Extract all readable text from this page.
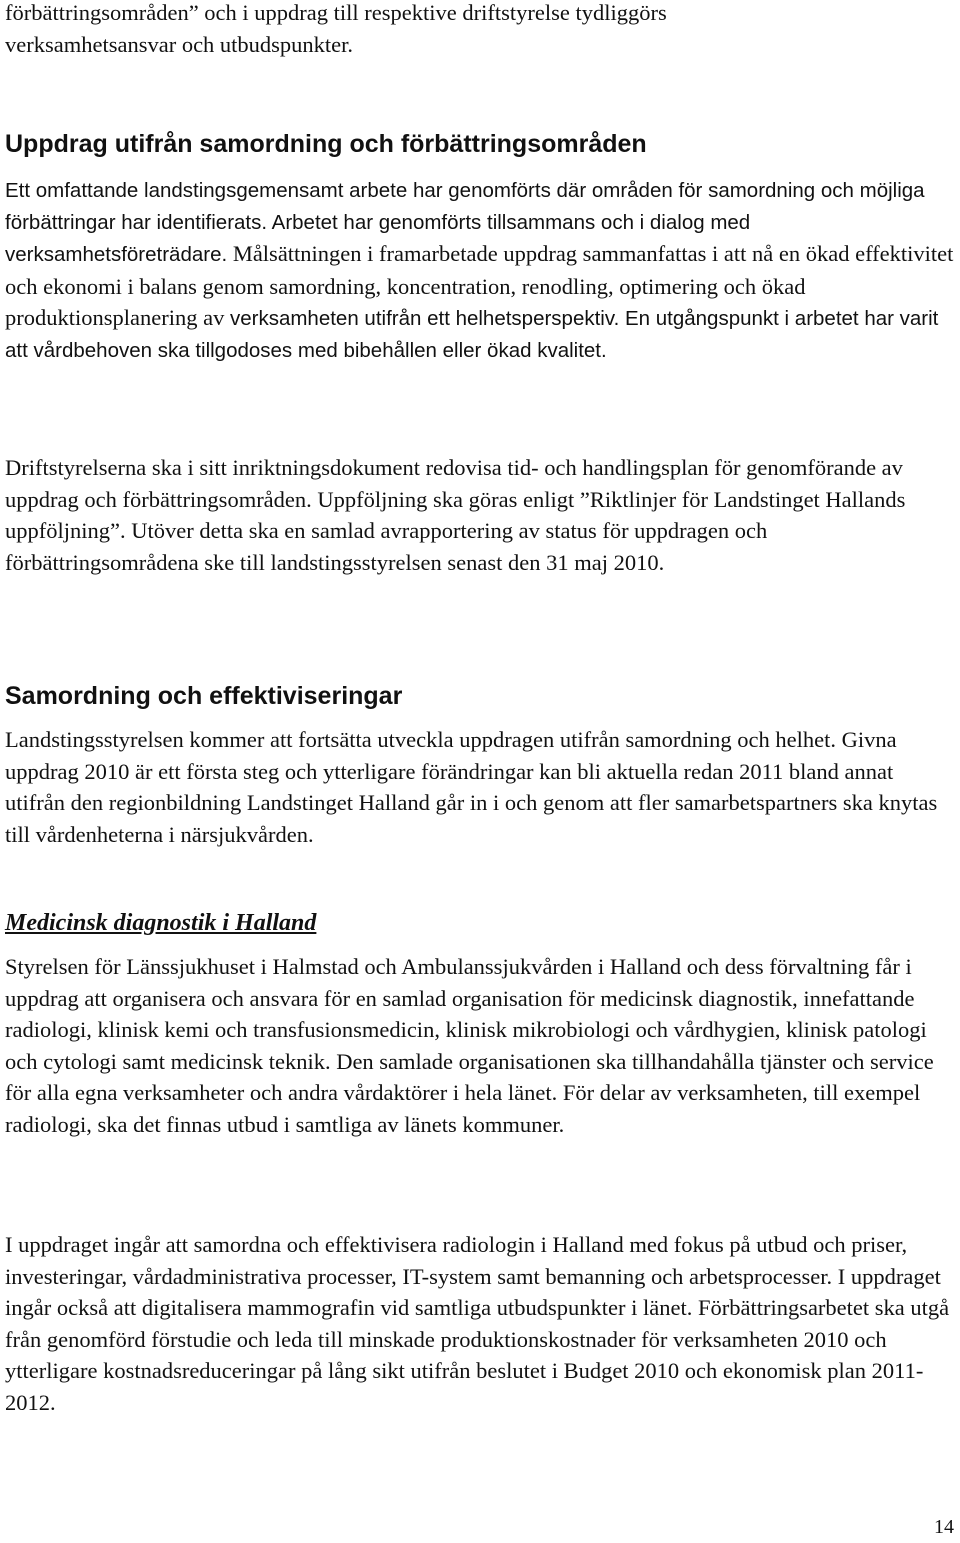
förbättringsområden” och i uppdrag till respektive driftstyrelse tydliggörs

verksamhetsansvar och utbudspunkter.

Uppdrag utifrån samordning och förbättringsområden

Ett omfattande landstingsgemensamt arbete har genomförts där områden för samordning och möjliga förbättringar har identifierats. Arbetet har genomförts tillsammans och i dialog med verksamhetsföreträdare. Målsättningen i framarbetade uppdrag sammanfattas i att nå en ökad effektivitet och ekonomi i balans genom samordning, koncentration, renodling, optimering och ökad produktionsplanering av verksamheten utifrån ett helhetsperspektiv. En utgångspunkt i arbetet har varit att vårdbehoven ska tillgodoses med bibehållen eller ökad kvalitet.

Driftstyrelserna ska i sitt inriktningsdokument redovisa tid- och handlingsplan för genomförande av uppdrag och förbättringsområden. Uppföljning ska göras enligt ”Riktlinjer för Landstinget Hallands uppföljning”. Utöver detta ska en samlad avrapportering av status för uppdragen och förbättringsområdena ske till landstingsstyrelsen senast den 31 maj 2010.

Samordning och effektiviseringar

Landstingsstyrelsen kommer att fortsätta utveckla uppdragen utifrån samordning och helhet. Givna uppdrag 2010 är ett första steg och ytterligare förändringar kan bli aktuella redan 2011 bland annat utifrån den regionbildning Landstinget Halland går in i och genom att fler samarbetspartners ska knytas till vårdenheterna i närsjukvården.

Medicinsk diagnostik i Halland

Styrelsen för Länssjukhuset i Halmstad och Ambulanssjukvården i Halland och dess förvaltning får i uppdrag att organisera och ansvara för en samlad organisation för medicinsk diagnostik, innefattande radiologi, klinisk kemi och transfusionsmedicin, klinisk mikrobiologi och vårdhygien, klinisk patologi och cytologi samt medicinsk teknik. Den samlade organisationen ska tillhandahålla tjänster och service för alla egna verksamheter och andra vårdaktörer i hela länet. För delar av verksamheten, till exempel radiologi, ska det finnas utbud i samtliga av länets kommuner.

I uppdraget ingår att samordna och effektivisera radiologin i Halland med fokus på utbud och priser, investeringar, vårdadministrativa processer, IT-system samt bemanning och arbetsprocesser. I uppdraget ingår också att digitalisera mammografin vid samtliga utbudspunkter i länet. Förbättringsarbetet ska utgå från genomförd förstudie och leda till minskade produktionskostnader för verksamheten 2010 och ytterligare kostnadsreduceringar på lång sikt utifrån beslutet i Budget 2010 och ekonomisk plan 2011-2012.

14
